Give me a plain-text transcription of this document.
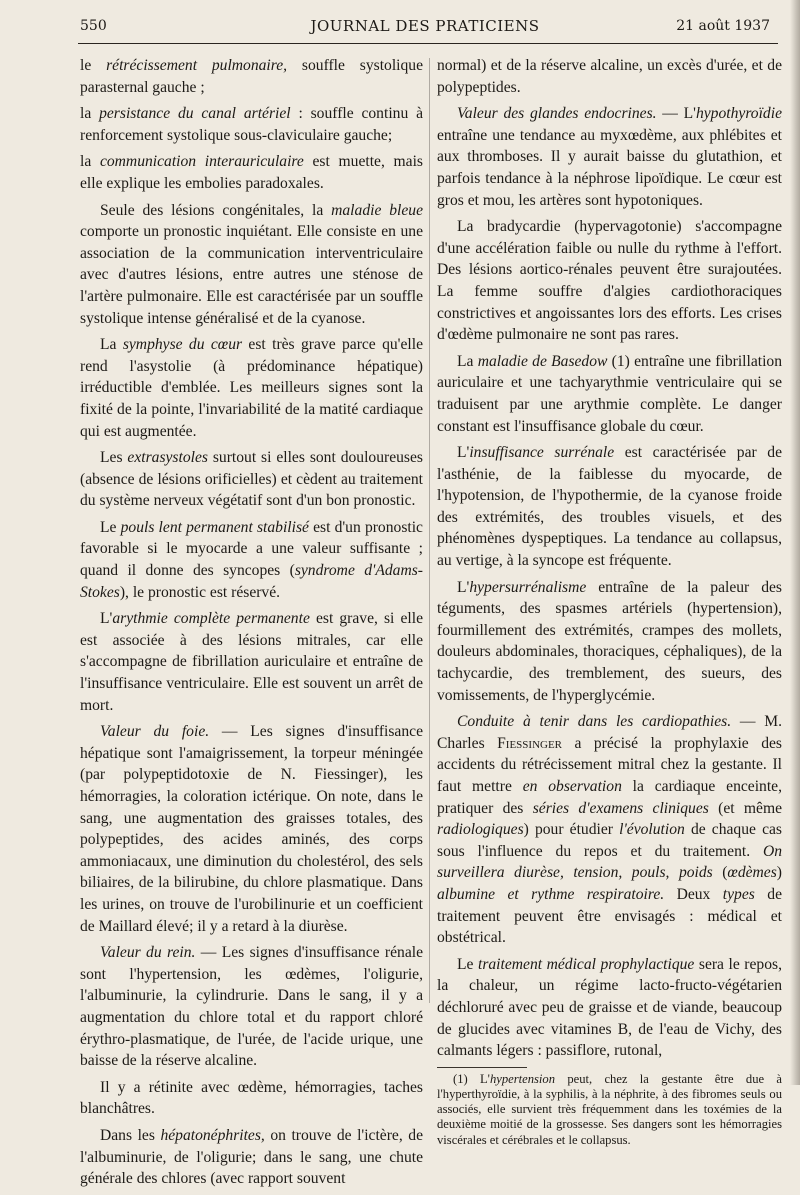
550	JOURNAL DES PRATICIENS	21 août 1937

le rétrécissement pulmonaire, souffle systolique parasternal gauche ;

la persistance du canal artériel : souffle continu à renforcement systolique sous-claviculaire gauche;

la communication interauriculaire est muette, mais elle explique les embolies paradoxales.

Seule des lésions congénitales, la maladie bleue comporte un pronostic inquiétant. Elle consiste en une association de la communication interventriculaire avec d'autres lésions, entre autres une sténose de l'artère pulmonaire. Elle est caractérisée par un souffle systolique intense généralisé et de la cyanose.

La symphyse du cœur est très grave parce qu'elle rend l'asystolie (à prédominance hépatique) irréductible d'emblée. Les meilleurs signes sont la fixité de la pointe, l'invariabilité de la matité cardiaque qui est augmentée.

Les extrasystoles surtout si elles sont douloureuses (absence de lésions orificielles) et cèdent au traitement du système nerveux végétatif sont d'un bon pronostic.

Le pouls lent permanent stabilisé est d'un pronostic favorable si le myocarde a une valeur suffisante ; quand il donne des syncopes (syndrome d'Adams-Stokes), le pronostic est réservé.

L'arythmie complète permanente est grave, si elle est associée à des lésions mitrales, car elle s'accompagne de fibrillation auriculaire et entraîne de l'insuffisance ventriculaire. Elle est souvent un arrêt de mort.

Valeur du foie. — Les signes d'insuffisance hépatique sont l'amaigrissement, la torpeur méningée (par polypeptidotoxie de N. Fiessinger), les hémorragies, la coloration ictérique. On note, dans le sang, une augmentation des graisses totales, des polypeptides, des acides aminés, des corps ammoniacaux, une diminution du cholestérol, des sels biliaires, de la bilirubine, du chlore plasmatique. Dans les urines, on trouve de l'urobilinurie et un coefficient de Maillard élevé; il y a retard à la diurèse.

Valeur du rein. — Les signes d'insuffisance rénale sont l'hypertension, les œdèmes, l'oligurie, l'albuminurie, la cylindrurie. Dans le sang, il y a augmentation du chlore total et du rapport chloré érythro-plasmatique, de l'urée, de l'acide urique, une baisse de la réserve alcaline.

Il y a rétinite avec œdème, hémorragies, taches blanchâtres.

Dans les hépatonéphrites, on trouve de l'ictère, de l'albuminurie, de l'oligurie; dans le sang, une chute générale des chlores (avec rapport souvent

normal) et de la réserve alcaline, un excès d'urée, et de polypeptides.

Valeur des glandes endocrines. — L'hypothyroïdie entraîne une tendance au myxœdème, aux phlébites et aux thromboses. Il y aurait baisse du glutathion, et parfois tendance à la néphrose lipoïdique. Le cœur est gros et mou, les artères sont hypotoniques.

La bradycardie (hypervagotonie) s'accompagne d'une accélération faible ou nulle du rythme à l'effort. Des lésions aortico-rénales peuvent être surajoutées. La femme souffre d'algies cardiothoraciques constrictives et angoissantes lors des efforts. Les crises d'œdème pulmonaire ne sont pas rares.

La maladie de Basedow (1) entraîne une fibrillation auriculaire et une tachyarythmie ventriculaire qui se traduisent par une arythmie complète. Le danger constant est l'insuffisance globale du cœur.

L'insuffisance surrénale est caractérisée par de l'asthénie, de la faiblesse du myocarde, de l'hypotension, de l'hypothermie, de la cyanose froide des extrémités, des troubles visuels, et des phénomènes dyspeptiques. La tendance au collapsus, au vertige, à la syncope est fréquente.

L'hypersurrénalisme entraîne de la paleur des téguments, des spasmes artériels (hypertension), fourmillement des extrémités, crampes des mollets, douleurs abdominales, thoraciques, céphaliques), de la tachycardie, des tremblement, des sueurs, des vomissements, de l'hyperglycémie.

Conduite à tenir dans les cardiopathies. — M. Charles Fiessinger a précisé la prophylaxie des accidents du rétrécissement mitral chez la gestante. Il faut mettre en observation la cardiaque enceinte, pratiquer des séries d'examens cliniques (et même radiologiques) pour étudier l'évolution de chaque cas sous l'influence du repos et du traitement. On surveillera diurèse, tension, pouls, poids (œdèmes) albumine et rythme respiratoire. Deux types de traitement peuvent être envisagés : médical et obstétrical.

Le traitement médical prophylactique sera le repos, la chaleur, un régime lacto-fructo-végétarien déchloruré avec peu de graisse et de viande, beaucoup de glucides avec vitamines B, de l'eau de Vichy, des calmants légers : passiflore, rutonal,

(1) L'hypertension peut, chez la gestante être due à l'hyperthyroïdie, à la syphilis, à la néphrite, à des fibromes seuls ou associés, elle survient très fréquemment dans les toxémies de la deuxième moitié de la grossesse. Ses dangers sont les hémorragies viscérales et cérébrales et le collapsus.
